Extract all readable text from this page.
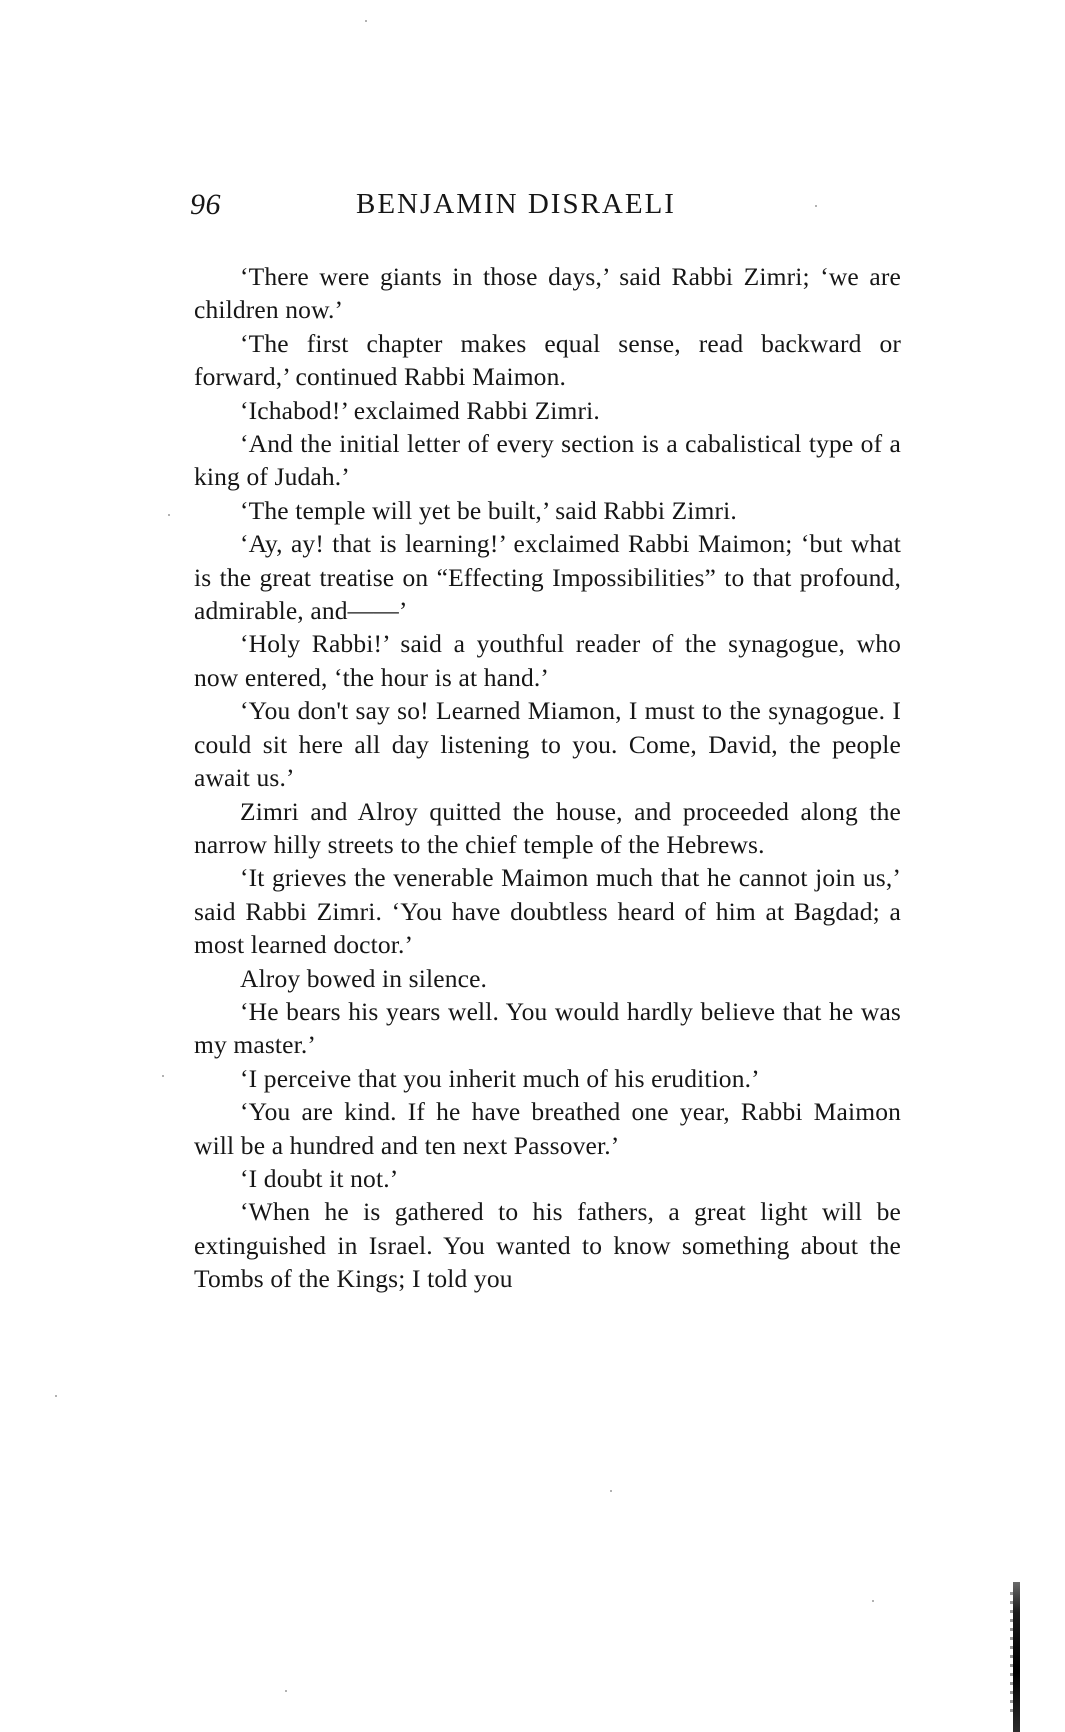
96	BENJAMIN DISRAELI

‘There were giants in those days,’ said Rabbi Zimri; ‘we are children now.’

‘The first chapter makes equal sense, read backward or forward,’ continued Rabbi Maimon.

‘Ichabod!’ exclaimed Rabbi Zimri.

‘And the initial letter of every section is a cabalistical type of a king of Judah.’

‘The temple will yet be built,’ said Rabbi Zimri.

‘Ay, ay! that is learning!’ exclaimed Rabbi Maimon; ‘but what is the great treatise on “Effecting Impossibilities” to that profound, admirable, and——’

‘Holy Rabbi!’ said a youthful reader of the synagogue, who now entered, ‘the hour is at hand.’

‘You don't say so! Learned Miamon, I must to the synagogue. I could sit here all day listening to you. Come, David, the people await us.’

Zimri and Alroy quitted the house, and proceeded along the narrow hilly streets to the chief temple of the Hebrews.

‘It grieves the venerable Maimon much that he cannot join us,’ said Rabbi Zimri. ‘You have doubtless heard of him at Bagdad; a most learned doctor.’

Alroy bowed in silence.

‘He bears his years well. You would hardly believe that he was my master.’

‘I perceive that you inherit much of his erudition.’

‘You are kind. If he have breathed one year, Rabbi Maimon will be a hundred and ten next Passover.’

‘I doubt it not.’

‘When he is gathered to his fathers, a great light will be extinguished in Israel. You wanted to know something about the Tombs of the Kings; I told you
